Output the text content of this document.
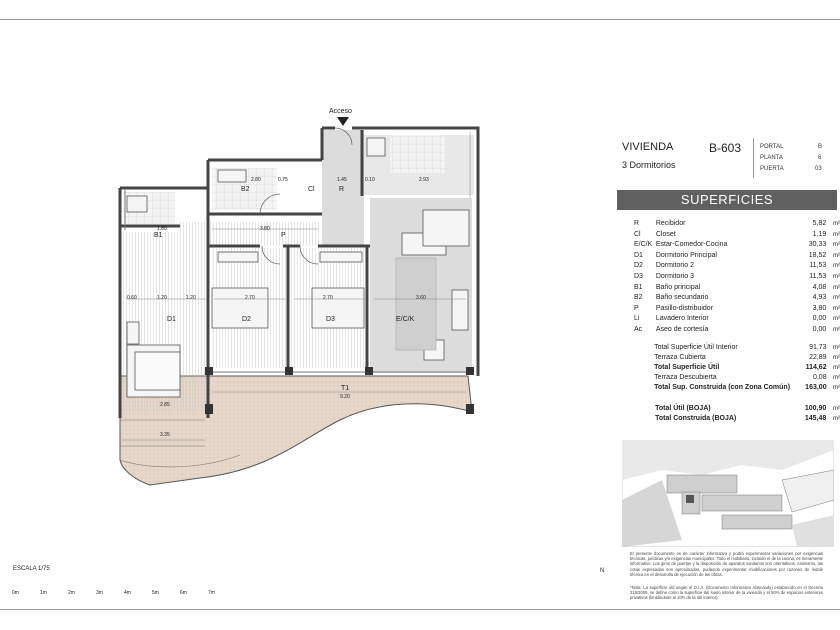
Acceso
B1
B2	Cl	R
P
D1	D2	D3	E/C/K
T1
1.80
0.75	1.45	0.10	2.93
2.80
3.80
0.60	1.20	1.20	2.70	2.70	3.60
2.85
9.20
3.35
ESCALA 1/75
0m	1m	2m	3m	4m	5m	6m	7m
N
VIVIENDA	B-603
3 Dormitorios
PORTAL	B
PLANTA	6
PUERTA	03
SUPERFICIES
R	Recibidor	5,82	m²
Cl	Closet	1,19	m²
E/C/K	Estar-Comedor-Cocina	30,33	m²
D1	Dormitorio Principal	18,52	m²
D2	Dormitorio 2	11,53	m²
D3	Dormitorio 3	11,53	m²
B1	Baño principal	4,08	m²
B2	Baño secundario	4,93	m²
P	Pasillo-distribuidor	3,80	m²
Li	Lavadero Interior	0,00	m²
Ac	Aseo de cortesía	0,00	m²
	Total Superficie Útil Interior	91,73	m²
	Terraza Cubierta	22,89	m²
	Total Superficie Útil	114,62	m²
	Terraza Descubierta	0,08	m²
	Total Sup. Construida (con Zona Común)	163,00	m²
	Total Útil (BOJA)	100,90	m²
	Total Construida (BOJA)	145,48	m²
El presente documento es de carácter informativo y podrá experimentar variaciones por exigencias técnicas, jurídicas y/o exigencias municipales. Todo el mobiliario, incluido el de la cocina, es meramente informativo. Los giros de puertas y la disposición de aparatos sanitarios son orientativos. Asimismo, las cotas expresadas son aproximadas, pudiendo experimentar modificaciones por razones de índole técnica en el desarrollo de ejecución de las obras.
*Nota: La superficie útil según el D.I.A. (Documento Informativo Abreviado) establecido en el Decreto 218/2005, se define como la superficie del suelo interior de la vivienda y el 50% de espacios exteriores privativos (limitándose al 10% de la útil interior).
